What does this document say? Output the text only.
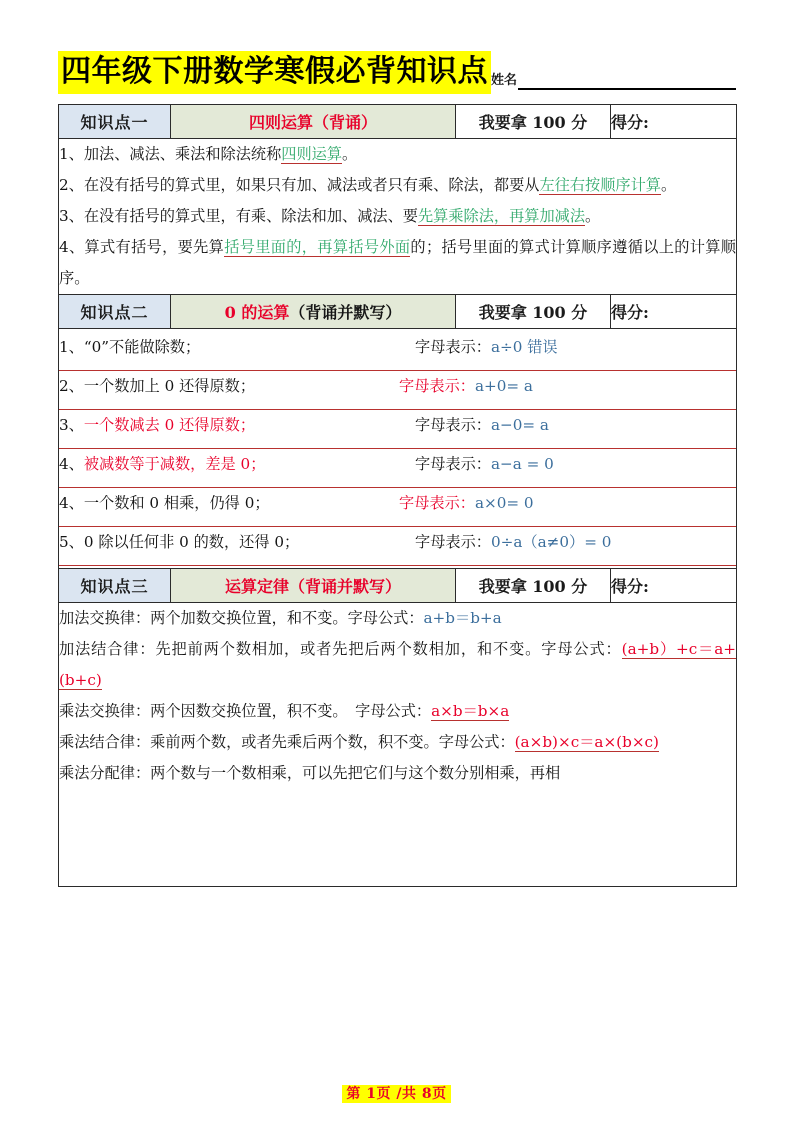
四年级下册数学寒假必背知识点 姓名
知识点一	四则运算（背诵）	我要拿 100 分	得分:

1、加法、减法、乘法和除法统称四则运算。

2、在没有括号的算式里，如果只有加、减法或者只有乘、除法，都要从左往右按顺序计算。

3、在没有括号的算式里，有乘、除法和加、减法、要先算乘除法，再算加减法。

4、算式有括号，要先算括号里面的，再算括号外面的；括号里面的算式计算顺序遵循以上的计算顺序。			

知识点二	0 的运算（背诵并默写）	我要拿 100 分	得分:

1、“0”不能做除数；	字母表示：a÷0 错误
2、一个数加上 0 还得原数；	字母表示：a+0= a
3、一个数减去 0 还得原数；	字母表示：a−0= a
4、被减数等于减数，差是 0；	字母表示：a−a = 0
4、一个数和 0 相乘，仍得 0；	字母表示：a×0= 0
5、0 除以任何非 0 的数，还得 0；	字母表示：0÷a（a≠0）= 0

知识点三	运算定律（背诵并默写）	我要拿 100 分	得分:

加法交换律：两个加数交换位置，和不变。字母公式：a+b＝b+a

加法结合律：先把前两个数相加，或者先把后两个数相加，和不变。字母公式：(a+b）+c＝a+(b+c)

乘法交换律：两个因数交换位置，积不变。　字母公式：a×b＝b×a

乘法结合律：乘前两个数，或者先乘后两个数，积不变。字母公式：(a×b)×c＝a×(b×c)

乘法分配律：两个数与一个数相乘，可以先把它们与这个数分别相乘，再相			

第 1页 /共 8页
